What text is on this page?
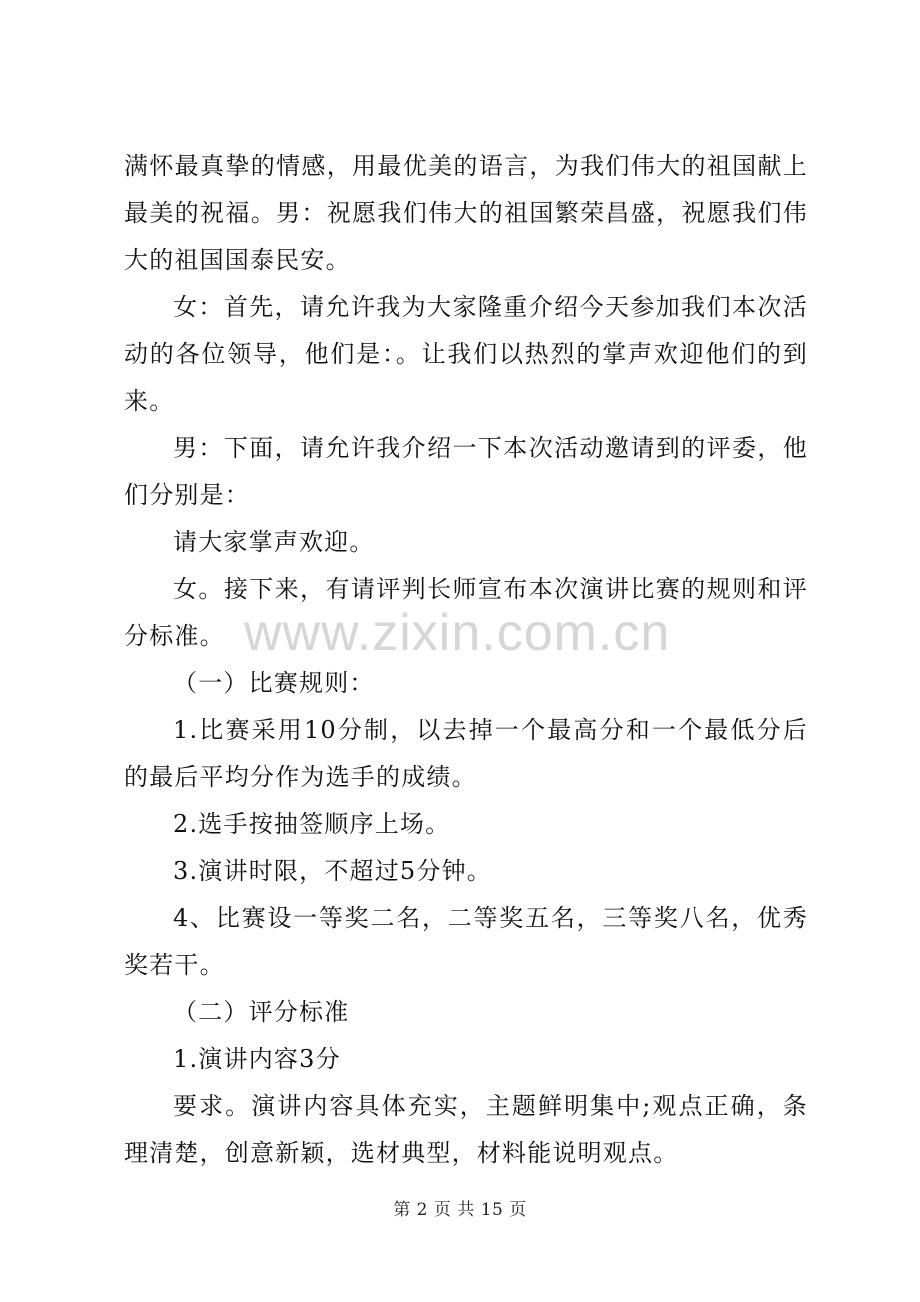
www.zixin.com.cn

满怀最真挚的情感，用最优美的语言，为我们伟大的祖国献上最美的祝福。男：祝愿我们伟大的祖国繁荣昌盛，祝愿我们伟大的祖国国泰民安。

女：首先，请允许我为大家隆重介绍今天参加我们本次活动的各位领导，他们是：。让我们以热烈的掌声欢迎他们的到来。

男：下面，请允许我介绍一下本次活动邀请到的评委，他们分别是：

请大家掌声欢迎。

女。接下来，有请评判长师宣布本次演讲比赛的规则和评分标准。

（一）比赛规则：

1.比赛采用10分制，以去掉一个最高分和一个最低分后的最后平均分作为选手的成绩。

2.选手按抽签顺序上场。

3.演讲时限，不超过5分钟。

4、比赛设一等奖二名，二等奖五名，三等奖八名，优秀奖若干。

（二）评分标准

1.演讲内容3分

要求。演讲内容具体充实，主题鲜明集中;观点正确，条理清楚，创意新颖，选材典型，材料能说明观点。

第 2 页 共 15 页
